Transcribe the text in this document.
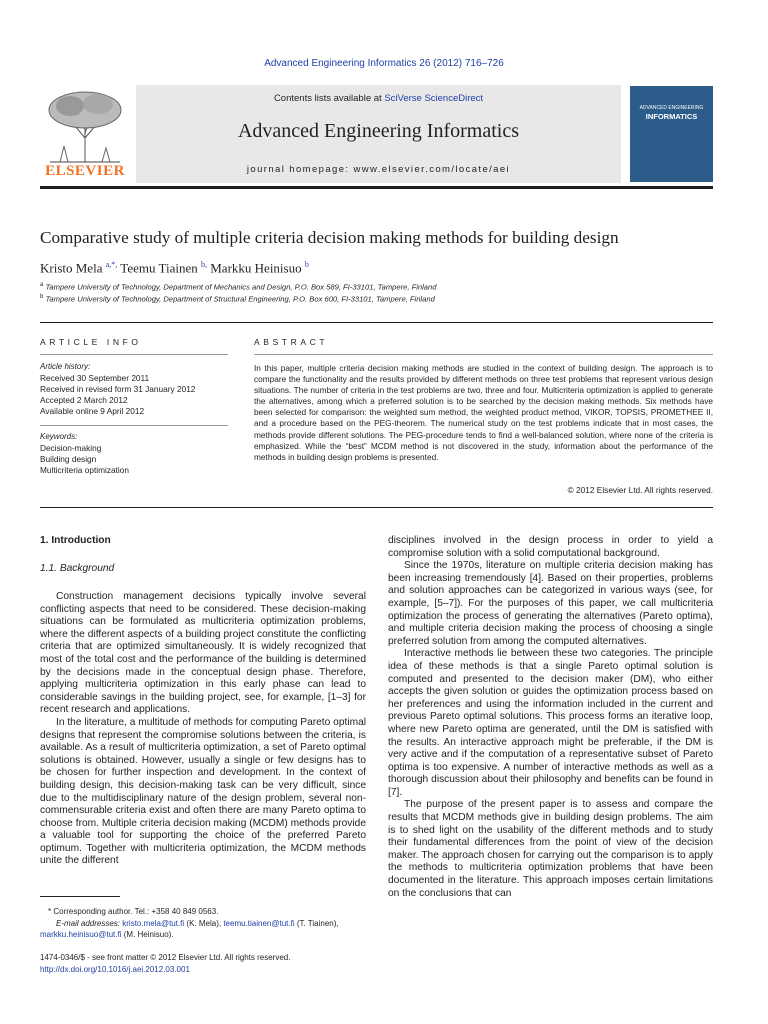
Advanced Engineering Informatics 26 (2012) 716–726
ELSEVIER
Contents lists available at SciVerse ScienceDirect
Advanced Engineering Informatics
journal homepage: www.elsevier.com/locate/aei
ADVANCED ENGINEERING
INFORMATICS
Comparative study of multiple criteria decision making methods for building design
Kristo Mela $^{a,*,}$ Teemu Tiainen $^{b,}$ Markku Heinisuo $^b$
$^a$ Tampere University of Technology, Department of Mechanics and Design, P.O. Box 589, FI-33101, Tampere, Finland
$^b$ Tampere University of Technology, Department of Structural Engineering, P.O. Box 600, FI-33101, Tampere, Finland
ARTICLE INFO
Article history:
Received 30 September 2011
Received in revised form 31 January 2012
Accepted 2 March 2012
Available online 9 April 2012
Keywords:
Decision-making
Building design
Multicriteria optimization
ABSTRACT
In this paper, multiple criteria decision making methods are studied in the context of building design. The approach is to compare the functionality and the results provided by different methods on three test problems that represent various design situations. The number of criteria in the test problems are two, three and four. Multicriteria optimization is applied to generate the alternatives, among which a preferred solution is to be searched by the decision making methods. Six methods have been selected for comparison: the weighted sum method, the weighted product method, VIKOR, TOPSIS, PROMETHEE II, and a procedure based on the PEG-theorem. The numerical study on the test problems indicate that in most cases, the methods provide different solutions. The PEG-procedure tends to find a well-balanced solution, where none of the criteria is emphasized. While the “best” MCDM method is not discovered in the study, information about the performance of the methods in building design problems is presented.
© 2012 Elsevier Ltd. All rights reserved.
1. Introduction
1.1. Background

Construction management decisions typically involve several conflicting aspects that need to be considered. These decision-making situations can be formulated as multicriteria optimization problems, where the different aspects of a building project constitute the conflicting criteria that are optimized simultaneously. It is widely recognized that most of the total cost and the performance of the building is determined by the decisions made in the conceptual design phase. Therefore, applying multicriteria optimization in this early phase can lead to considerable savings in the building project, see, for example, [1–3] for recent research and applications.

In the literature, a multitude of methods for computing Pareto optimal designs that represent the compromise solutions between the criteria, is available. As a result of multicriteria optimization, a set of Pareto optimal solutions is obtained. However, usually a single or few designs has to be chosen for further inspection and development. In the context of building design, this decision-making task can be very difficult, since due to the multidisciplinary nature of the design problem, several non-commensurable criteria exist and often there are many Pareto optima to choose from. Multiple criteria decision making (MCDM) methods provide a valuable tool for supporting the choice of the preferred Pareto optimum. Together with multicriteria optimization, the MCDM methods unite the different

disciplines involved in the design process in order to yield a compromise solution with a solid computational background.

Since the 1970s, literature on multiple criteria decision making has been increasing tremendously [4]. Based on their properties, problems and solution approaches can be categorized in various ways (see, for example, [5–7]). For the purposes of this paper, we call multicriteria optimization the process of generating the alternatives (Pareto optima), and multiple criteria decision making the process of choosing a single preferred solution from among the computed alternatives.

Interactive methods lie between these two categories. The principle idea of these methods is that a single Pareto optimal solution is computed and presented to the decision maker (DM), who either accepts the given solution or guides the optimization process based on her preferences and using the information included in the current and previous Pareto optimal solutions. This process forms an iterative loop, where new Pareto optima are generated, until the DM is satisfied with the results. An interactive approach might be preferable, if the DM is very active and if the computation of a representative subset of Pareto optima is too expensive. A number of interactive methods as well as a thorough discussion about their philosophy and benefits can be found in [7].

The purpose of the present paper is to assess and compare the results that MCDM methods give in building design problems. The aim is to shed light on the usability of the different methods and to study their fundamental differences from the point of view of the decision maker. The approach chosen for carrying out the comparison is to apply the methods to multicriteria optimization problems that have been documented in the literature. This approach imposes certain limitations on the conclusions that can

* Corresponding author. Tel.: +358 40 849 0563.
E-mail addresses: kristo.mela@tut.fi (K. Mela), teemu.tiainen@tut.fi (T. Tiainen), markku.heinisuo@tut.fi (M. Heinisuo).
1474-0346/$ - see front matter © 2012 Elsevier Ltd. All rights reserved.
http://dx.doi.org/10.1016/j.aei.2012.03.001
